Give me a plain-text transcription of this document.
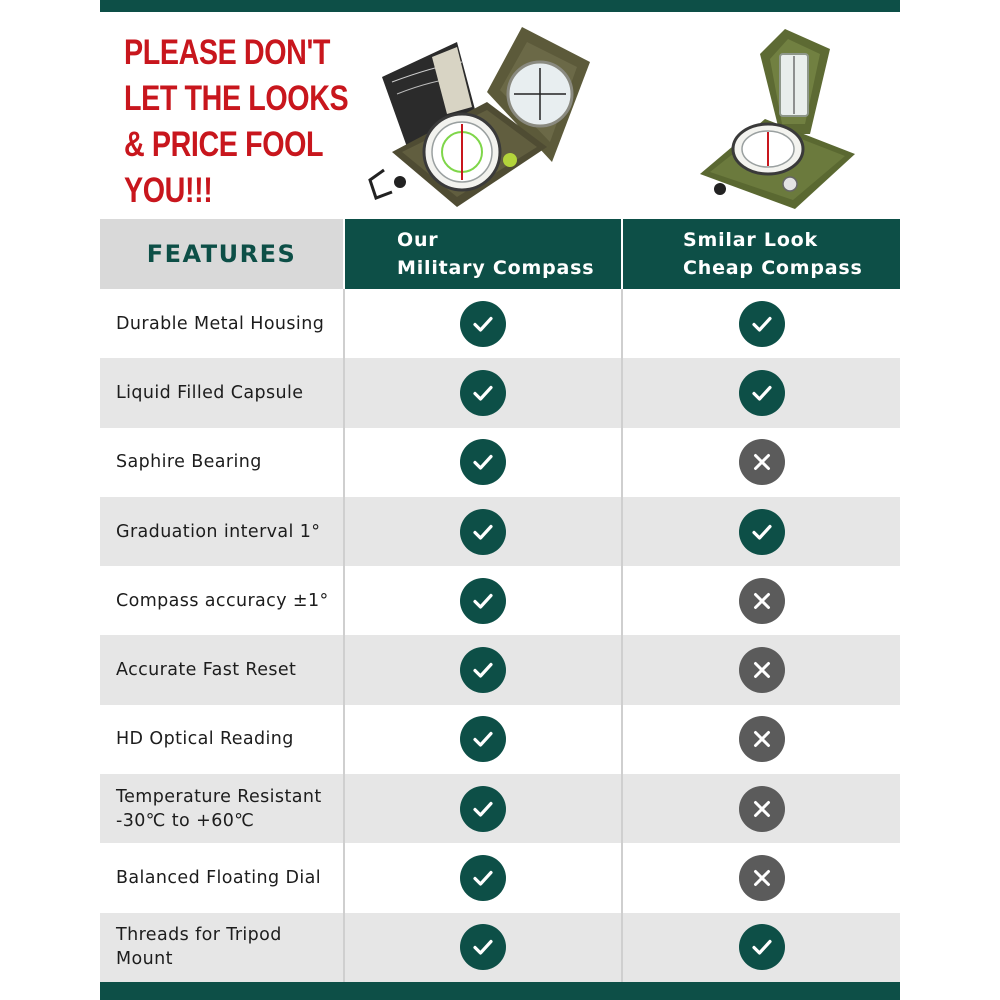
PLEASE DON'T
LET THE LOOKS
& PRICE FOOL
YOU!!!
FEATURES	Our
Military Compass
Smilar Look
Cheap Compass
Durable Metal Housing
Liquid Filled Capsule
Saphire Bearing
Graduation interval 1°
Compass accuracy ±1°
Accurate Fast Reset
HD Optical Reading
Temperature Resistant
-30℃ to +60℃
Balanced Floating Dial
Threads for Tripod
Mount
